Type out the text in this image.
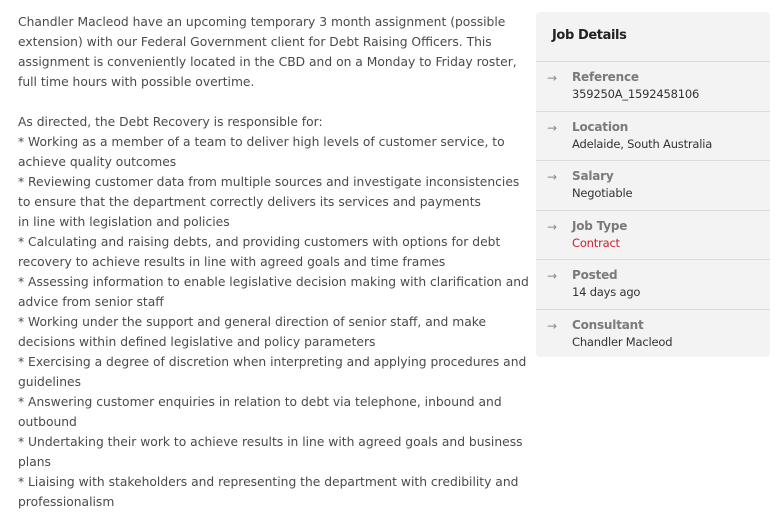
Chandler Macleod have an upcoming temporary 3 month assignment (possible
extension) with our Federal Government client for Debt Raising Officers. This
assignment is conveniently located in the CBD and on a Monday to Friday roster,
full time hours with possible overtime.
As directed, the Debt Recovery is responsible for:
* Working as a member of a team to deliver high levels of customer service, to
achieve quality outcomes
* Reviewing customer data from multiple sources and investigate inconsistencies
to ensure that the department correctly delivers its services and payments
in line with legislation and policies
* Calculating and raising debts, and providing customers with options for debt
recovery to achieve results in line with agreed goals and time frames
* Assessing information to enable legislative decision making with clarification and
advice from senior staff
* Working under the support and general direction of senior staff, and make
decisions within defined legislative and policy parameters
* Exercising a degree of discretion when interpreting and applying procedures and
guidelines
* Answering customer enquiries in relation to debt via telephone, inbound and
outbound
* Undertaking their work to achieve results in line with agreed goals and business
plans
* Liaising with stakeholders and representing the department with credibility and
professionalism
Job Details
→ Reference
359250A_1592458106
→ Location
Adelaide, South Australia
→ Salary
Negotiable
→ Job Type
Contract
→ Posted
14 days ago
→ Consultant
Chandler Macleod
